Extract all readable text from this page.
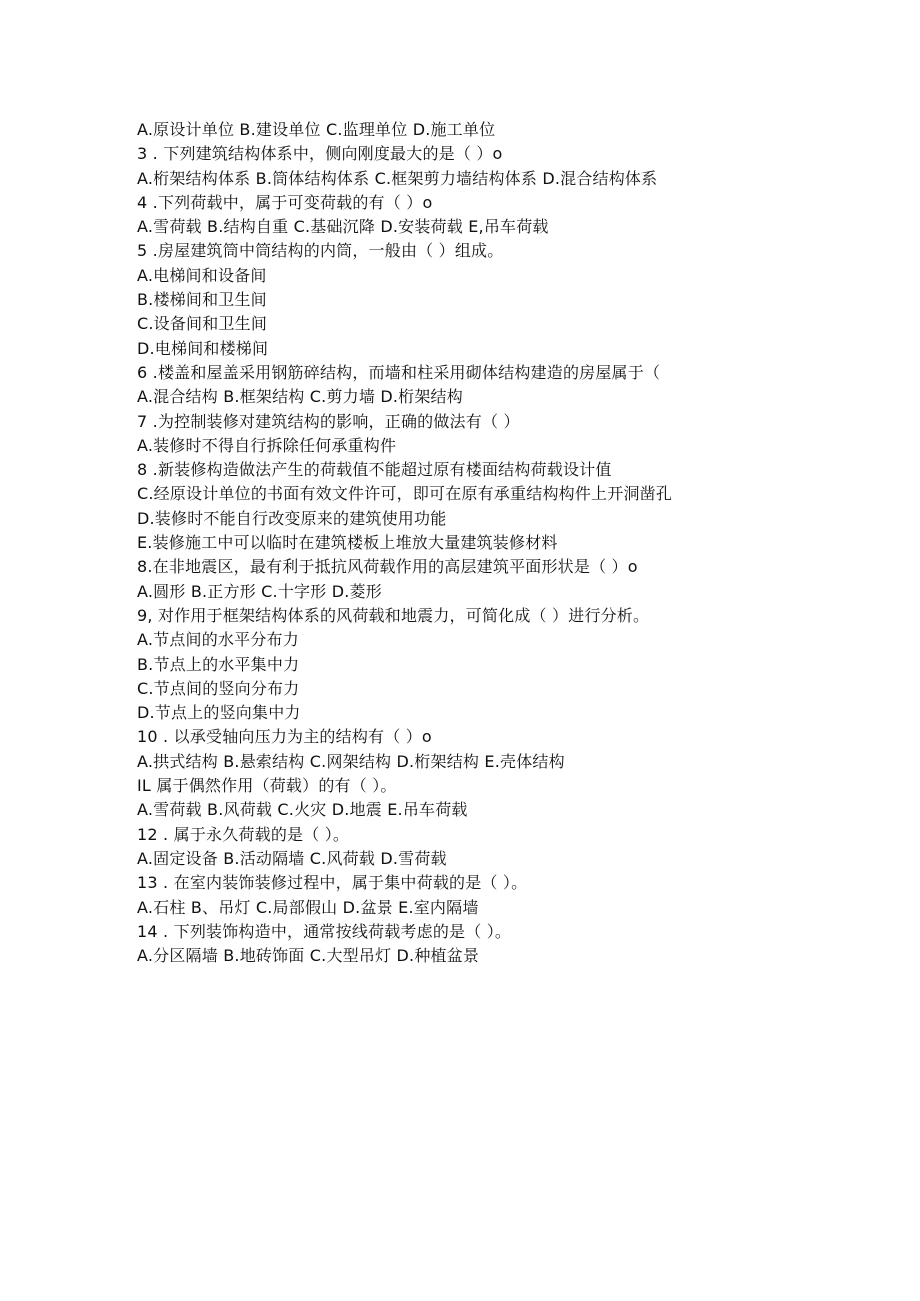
A.原设计单位 B.建设单位 C.监理单位 D.施工单位
3 . 下列建筑结构体系中，侧向刚度最大的是（ ）o
A.桁架结构体系 B.筒体结构体系 C.框架剪力墙结构体系 D.混合结构体系
4 .下列荷载中，属于可变荷载的有（ ）o
A.雪荷载 B.结构自重 C.基础沉降 D.安装荷载 E,吊车荷载
5 .房屋建筑筒中筒结构的内筒，一般由（ ）组成。
A.电梯间和设备间
B.楼梯间和卫生间
C.设备间和卫生间
D.电梯间和楼梯间
6 .楼盖和屋盖采用钢筋碎结构，而墙和柱采用砌体结构建造的房屋属于（
A.混合结构 B.框架结构 C.剪力墙 D.桁架结构
7 .为控制装修对建筑结构的影响，正确的做法有（ ）
A.装修时不得自行拆除任何承重构件
8 .新装修构造做法产生的荷载值不能超过原有楼面结构荷载设计值
C.经原设计单位的书面有效文件许可，即可在原有承重结构构件上开洞凿孔
D.装修时不能自行改变原来的建筑使用功能
E.装修施工中可以临时在建筑楼板上堆放大量建筑装修材料
8.在非地震区，最有利于抵抗风荷载作用的高层建筑平面形状是（ ）o
A.圆形 B.正方形 C.十字形 D.菱形
9, 对作用于框架结构体系的风荷载和地震力，可简化成（ ）进行分析。
A.节点间的水平分布力
B.节点上的水平集中力
C.节点间的竖向分布力
D.节点上的竖向集中力
10 . 以承受轴向压力为主的结构有（ ）o
A.拱式结构 B.悬索结构 C.网架结构 D.桁架结构 E.壳体结构
IL 属于偶然作用（荷载）的有（ ）。
A.雪荷载 B.风荷载 C.火灾 D.地震 E.吊车荷载
12 . 属于永久荷载的是（ ）。
A.固定设备 B.活动隔墙 C.风荷载 D.雪荷载
13 . 在室内装饰装修过程中，属于集中荷载的是（ ）。
A.石柱 B、吊灯 C.局部假山 D.盆景 E.室内隔墙
14 . 下列装饰构造中，通常按线荷载考虑的是（ ）。
A.分区隔墙 B.地砖饰面 C.大型吊灯 D.种植盆景
